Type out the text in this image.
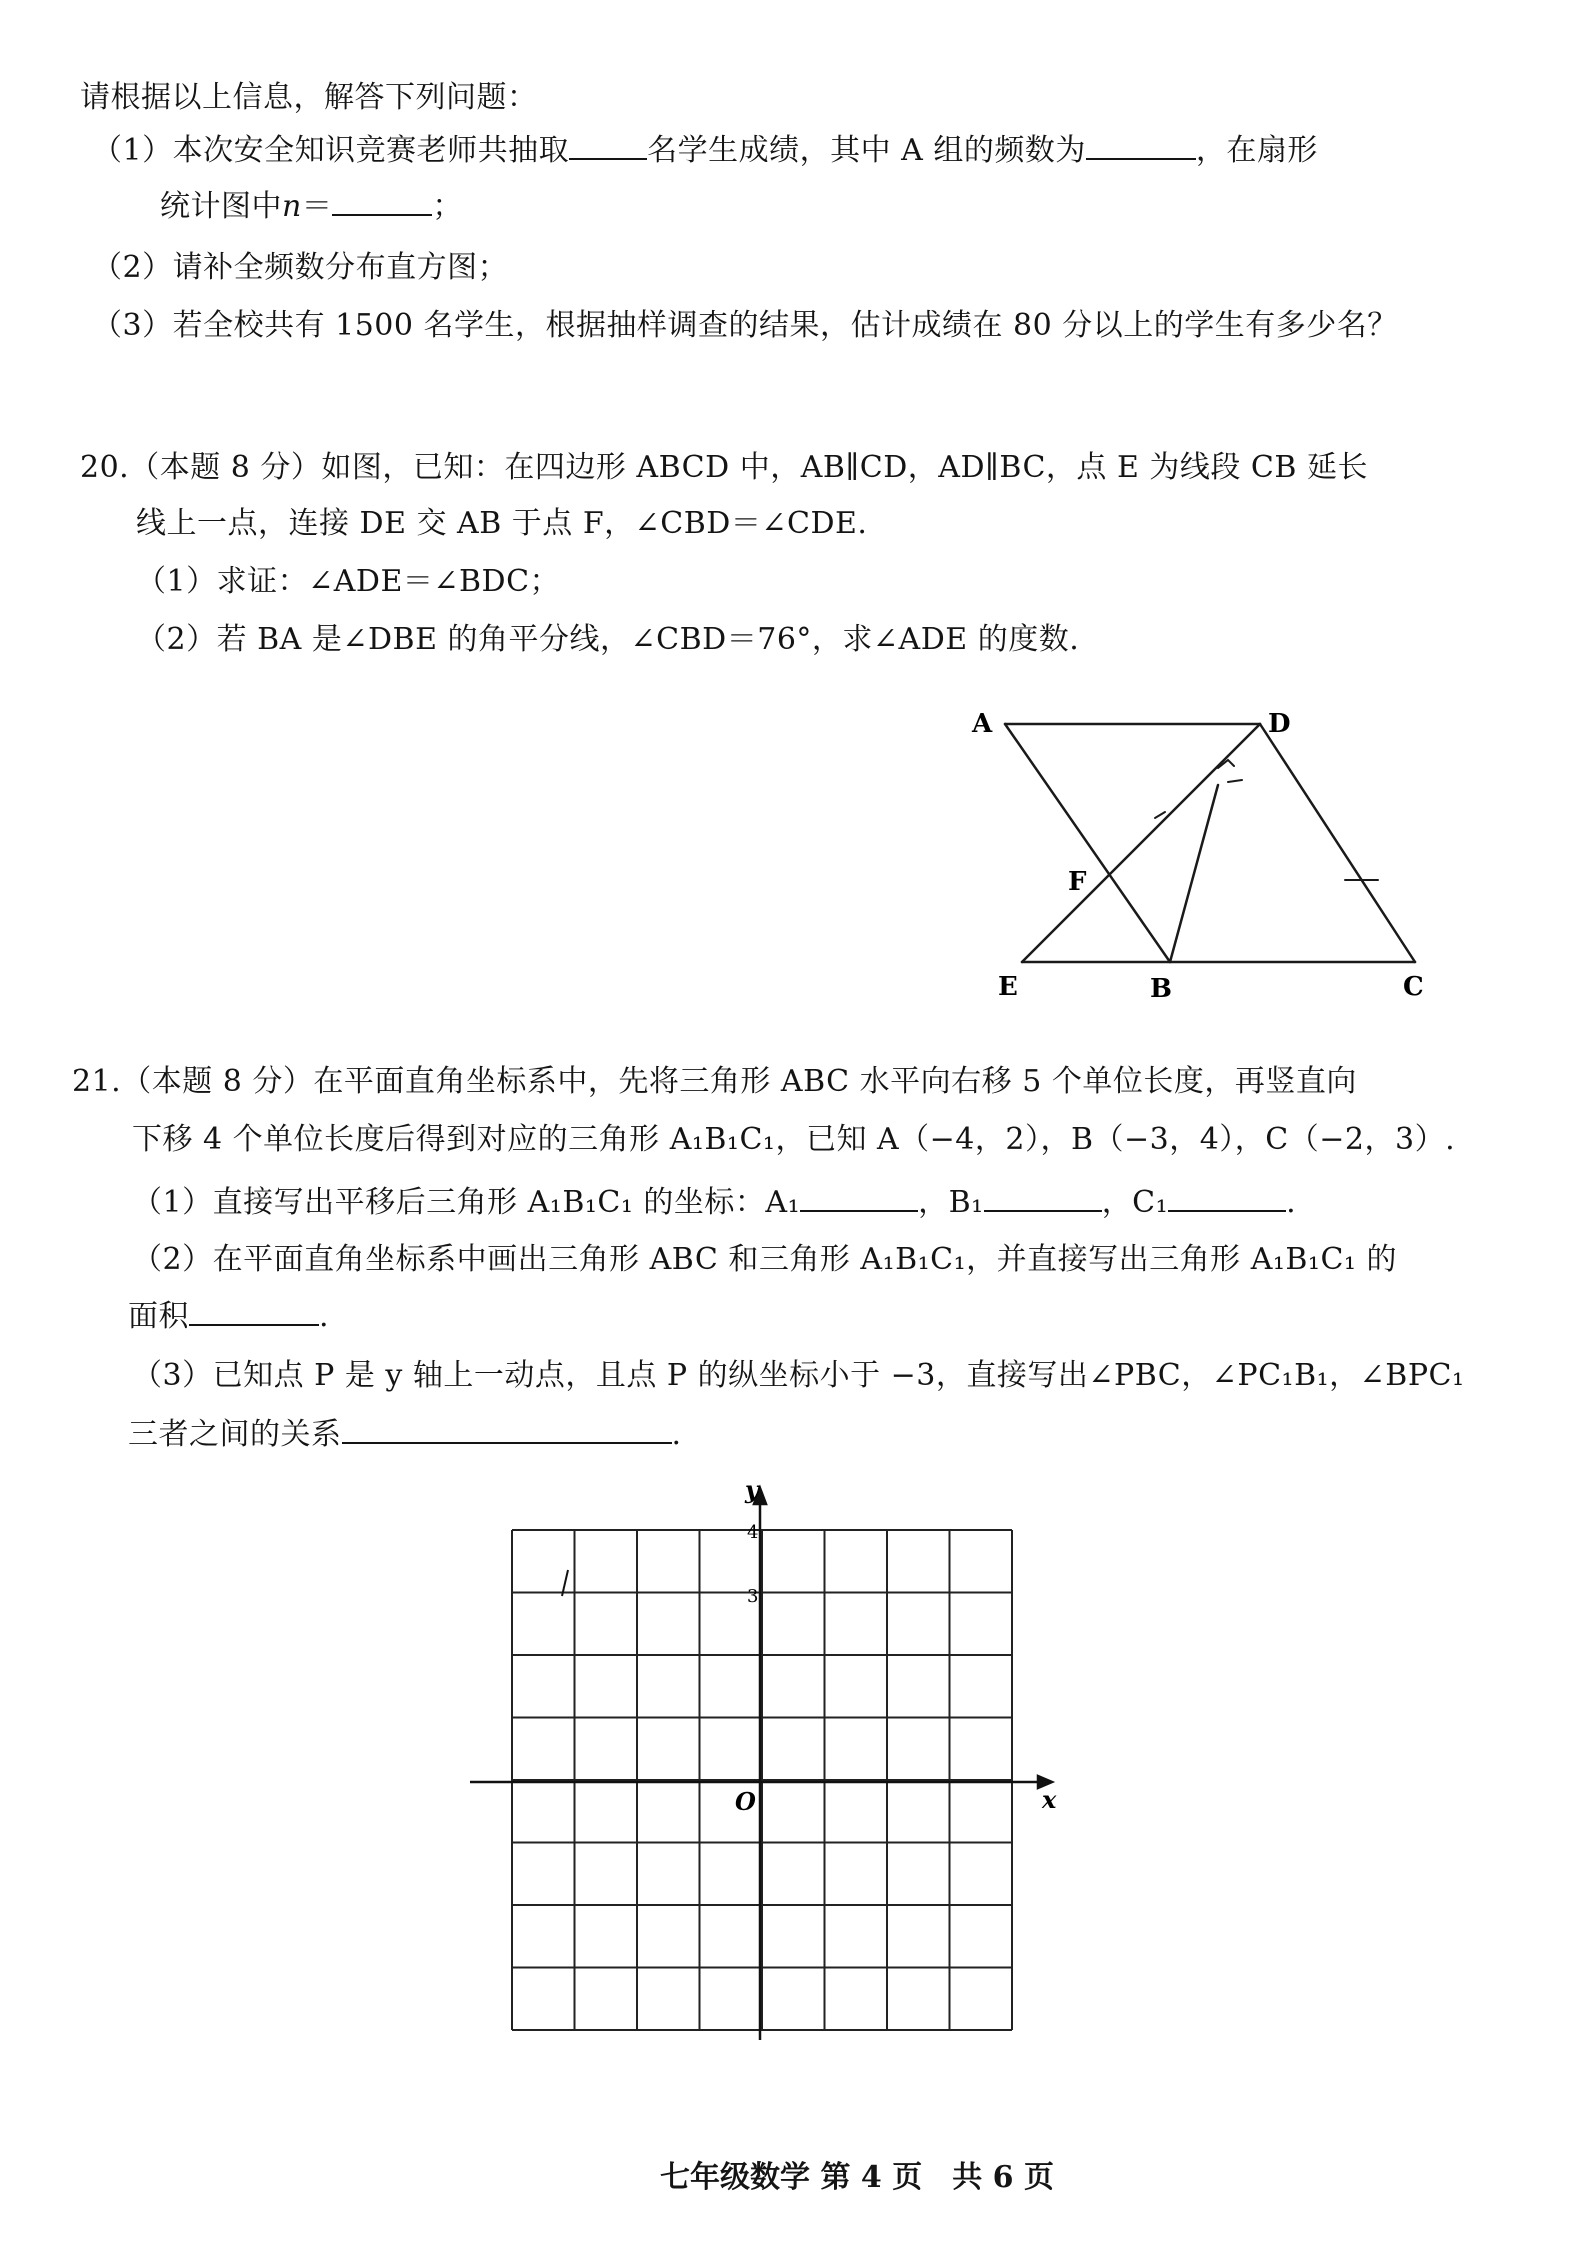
请根据以上信息，解答下列问题：
（1）本次安全知识竞赛老师共抽取	名学生成绩，其中 A 组的频数为	，在扇形
统计图中n＝	；
（2）请补全频数分布直方图；
（3）若全校共有 1500 名学生，根据抽样调查的结果，估计成绩在 80 分以上的学生有多少名？
20.（本题 8 分）如图，已知：在四边形 ABCD 中，AB∥CD，AD∥BC，点 E 为线段 CB 延长
线上一点，连接 DE 交 AB 于点 F，∠CBD＝∠CDE.
（1）求证：∠ADE＝∠BDC；
（2）若 BA 是∠DBE 的角平分线，∠CBD＝76°，求∠ADE 的度数.
A	D
F
E	B	C
21.（本题 8 分）在平面直角坐标系中，先将三角形 ABC 水平向右移 5 个单位长度，再竖直向
下移 4 个单位长度后得到对应的三角形 A₁B₁C₁，已知 A（−4，2），B（−3，4），C（−2，3）.
（1）直接写出平移后三角形 A₁B₁C₁ 的坐标：A₁	，B₁	，C₁	.
（2）在平面直角坐标系中画出三角形 ABC 和三角形 A₁B₁C₁，并直接写出三角形 A₁B₁C₁ 的
面积	.
（3）已知点 P 是 y 轴上一动点，且点 P 的纵坐标小于 −3，直接写出∠PBC，∠PC₁B₁，∠BPC₁
三者之间的关系	.
y
x
O
4
3
七年级数学 第 4 页　共 6 页
